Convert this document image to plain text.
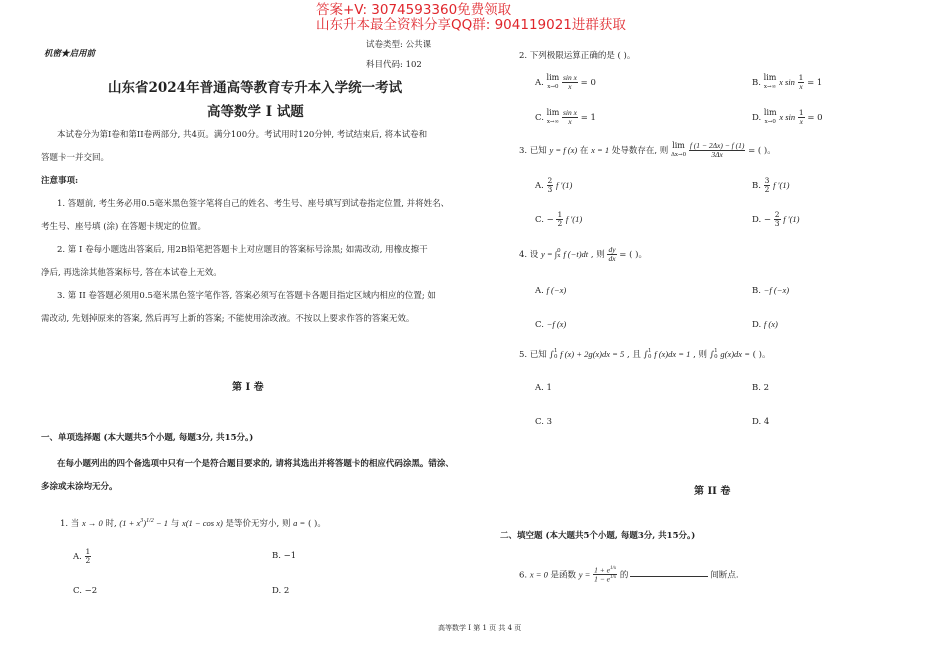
答案+V: 3074593360免费领取
山东升本最全资料分享QQ群: 904119021进群获取
机密★启用前
试卷类型: 公共课
科目代码: 102
山东省2024年普通高等教育专升本入学统一考试
高等数学 I 试题
本试卷分为第I卷和第II卷两部分, 共4页。满分100分。考试用时120分钟, 考试结束后, 将本试卷和
答题卡一并交回。
注意事项:
1. 答题前, 考生务必用0.5毫米黑色签字笔将自己的姓名、考生号、座号填写到试卷指定位置, 并将姓名、
考生号、座号填 (涂) 在答题卡规定的位置。
2. 第 I 卷每小题选出答案后, 用2B铅笔把答题卡上对应题目的答案标号涂黑; 如需改动, 用橡皮擦干
净后, 再选涂其他答案标号, 答在本试卷上无效。
3. 第 II 卷答题必须用0.5毫米黑色签字笔作答, 答案必须写在答题卡各题目指定区域内相应的位置; 如
需改动, 先划掉原来的答案, 然后再写上新的答案; 不能使用涂改液。不按以上要求作答的答案无效。
第 I 卷
一、单项选择题 (本大题共5个小题, 每题3分, 共15分。)
在每小题列出的四个备选项中只有一个是符合题目要求的, 请将其选出并将答题卡的相应代码涂黑。错涂、
多涂或未涂均无分。
1. 当 x → 0 时, $(1 + x^3)^{1/2} - 1$ 与 x(1 − cos x) 是等价无穷小, 则 a = ( )。
A. $\frac{1}{2}$	B. −1
C. −2	D. 2
2. 下列极限运算正确的是 ( )。
A. lim
$x\to 0 \frac{\text{sin x}}{x} = 0$	B. lim
x→∞ x $\sin \frac{1}{x} = 1$
C. lim
$x\to\infty \frac{\text{sin x}}{x} = 1$	D. lim
x→0 x $\sin \frac{1}{x} = 0$
3. 已知 y = f (x) 在 x = 1 处导数存在, 则 lim
$\Delta x\to 0 \frac{f (1 - 2\Delta x) - f (1)}{3\Delta x}$ = ( )。
A. $\frac{2}{3}$ f ′(1)	B. $\frac{3}{2}$ f ′(1)
C. − $\frac{1}{2}$ f ′(1)	D. − $\frac{2}{3}$ f ′(1)
4. 设 y = ∫0
x f (−t)dt , 则 $\frac{dy}{dx}$ = ( )。
A. f (−x)	B. −f (−x)
C. −f (x)	D. f (x)
5. 已知 ∫1
0 f (x) + 2g(x)dx = 5 , 且 ∫1
0 f (x)dx = 1 , 则 ∫1
0 g(x)dx = ( )。
A. 1	B. 2
C. 3	D. 4
第 II 卷
二、填空题 (本大题共5个小题, 每题3分, 共15分。)
6. x = 0 是函数 $y = \frac{1 + e^{1/x}}{1 - e^{1/x}}$ 的	间断点.
高等数学 I 第 1 页 共 4 页
